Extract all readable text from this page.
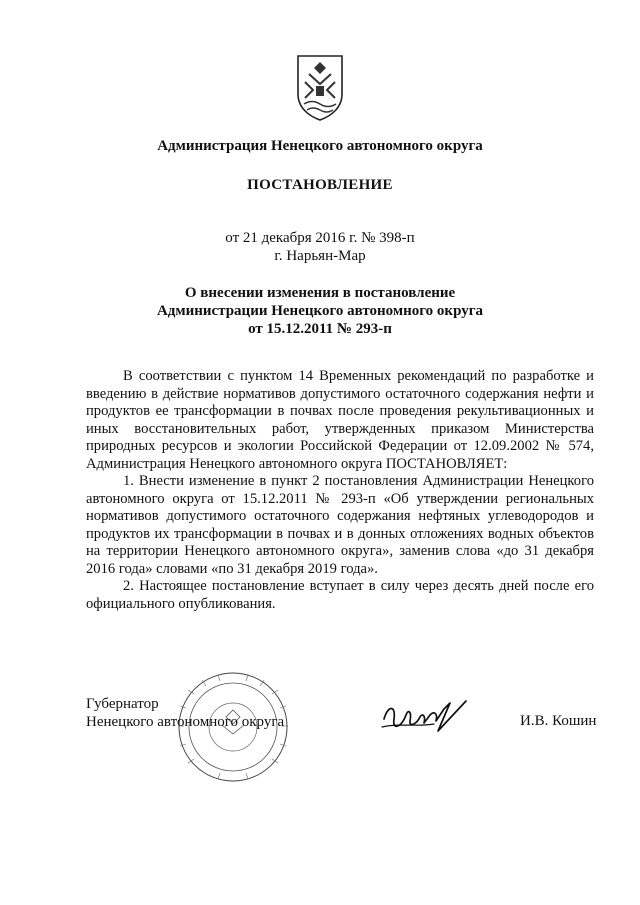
Администрация Ненецкого автономного округа
ПОСТАНОВЛЕНИЕ
от 21 декабря 2016 г. № 398-п
г. Нарьян-Мар
О внесении изменения в постановление
Администрации Ненецкого автономного округа
от 15.12.2011 № 293-п

В соответствии с пунктом 14 Временных рекомендаций по разработке и введению в действие нормативов допустимого остаточного содержания нефти и продуктов ее трансформации в почвах после проведения рекультивационных и иных восстановительных работ, утвержденных приказом Министерства природных ресурсов и экологии Российской Федерации от 12.09.2002 № 574, Администрация Ненецкого автономного округа ПОСТАНОВЛЯЕТ:

1. Внести изменение в пункт 2 постановления Администрации Ненецкого автономного округа от 15.12.2011 № 293-п «Об утверждении региональных нормативов допустимого остаточного содержания нефтяных углеводородов и продуктов их трансформации в почвах и в донных отложениях водных объектов на территории Ненецкого автономного округа», заменив слова «до 31 декабря 2016 года» словами «по 31 декабря 2019 года».

2. Настоящее постановление вступает в силу через десять дней после его официального опубликования.

Губернатор
Ненецкого автономного округа	И.В. Кошин
